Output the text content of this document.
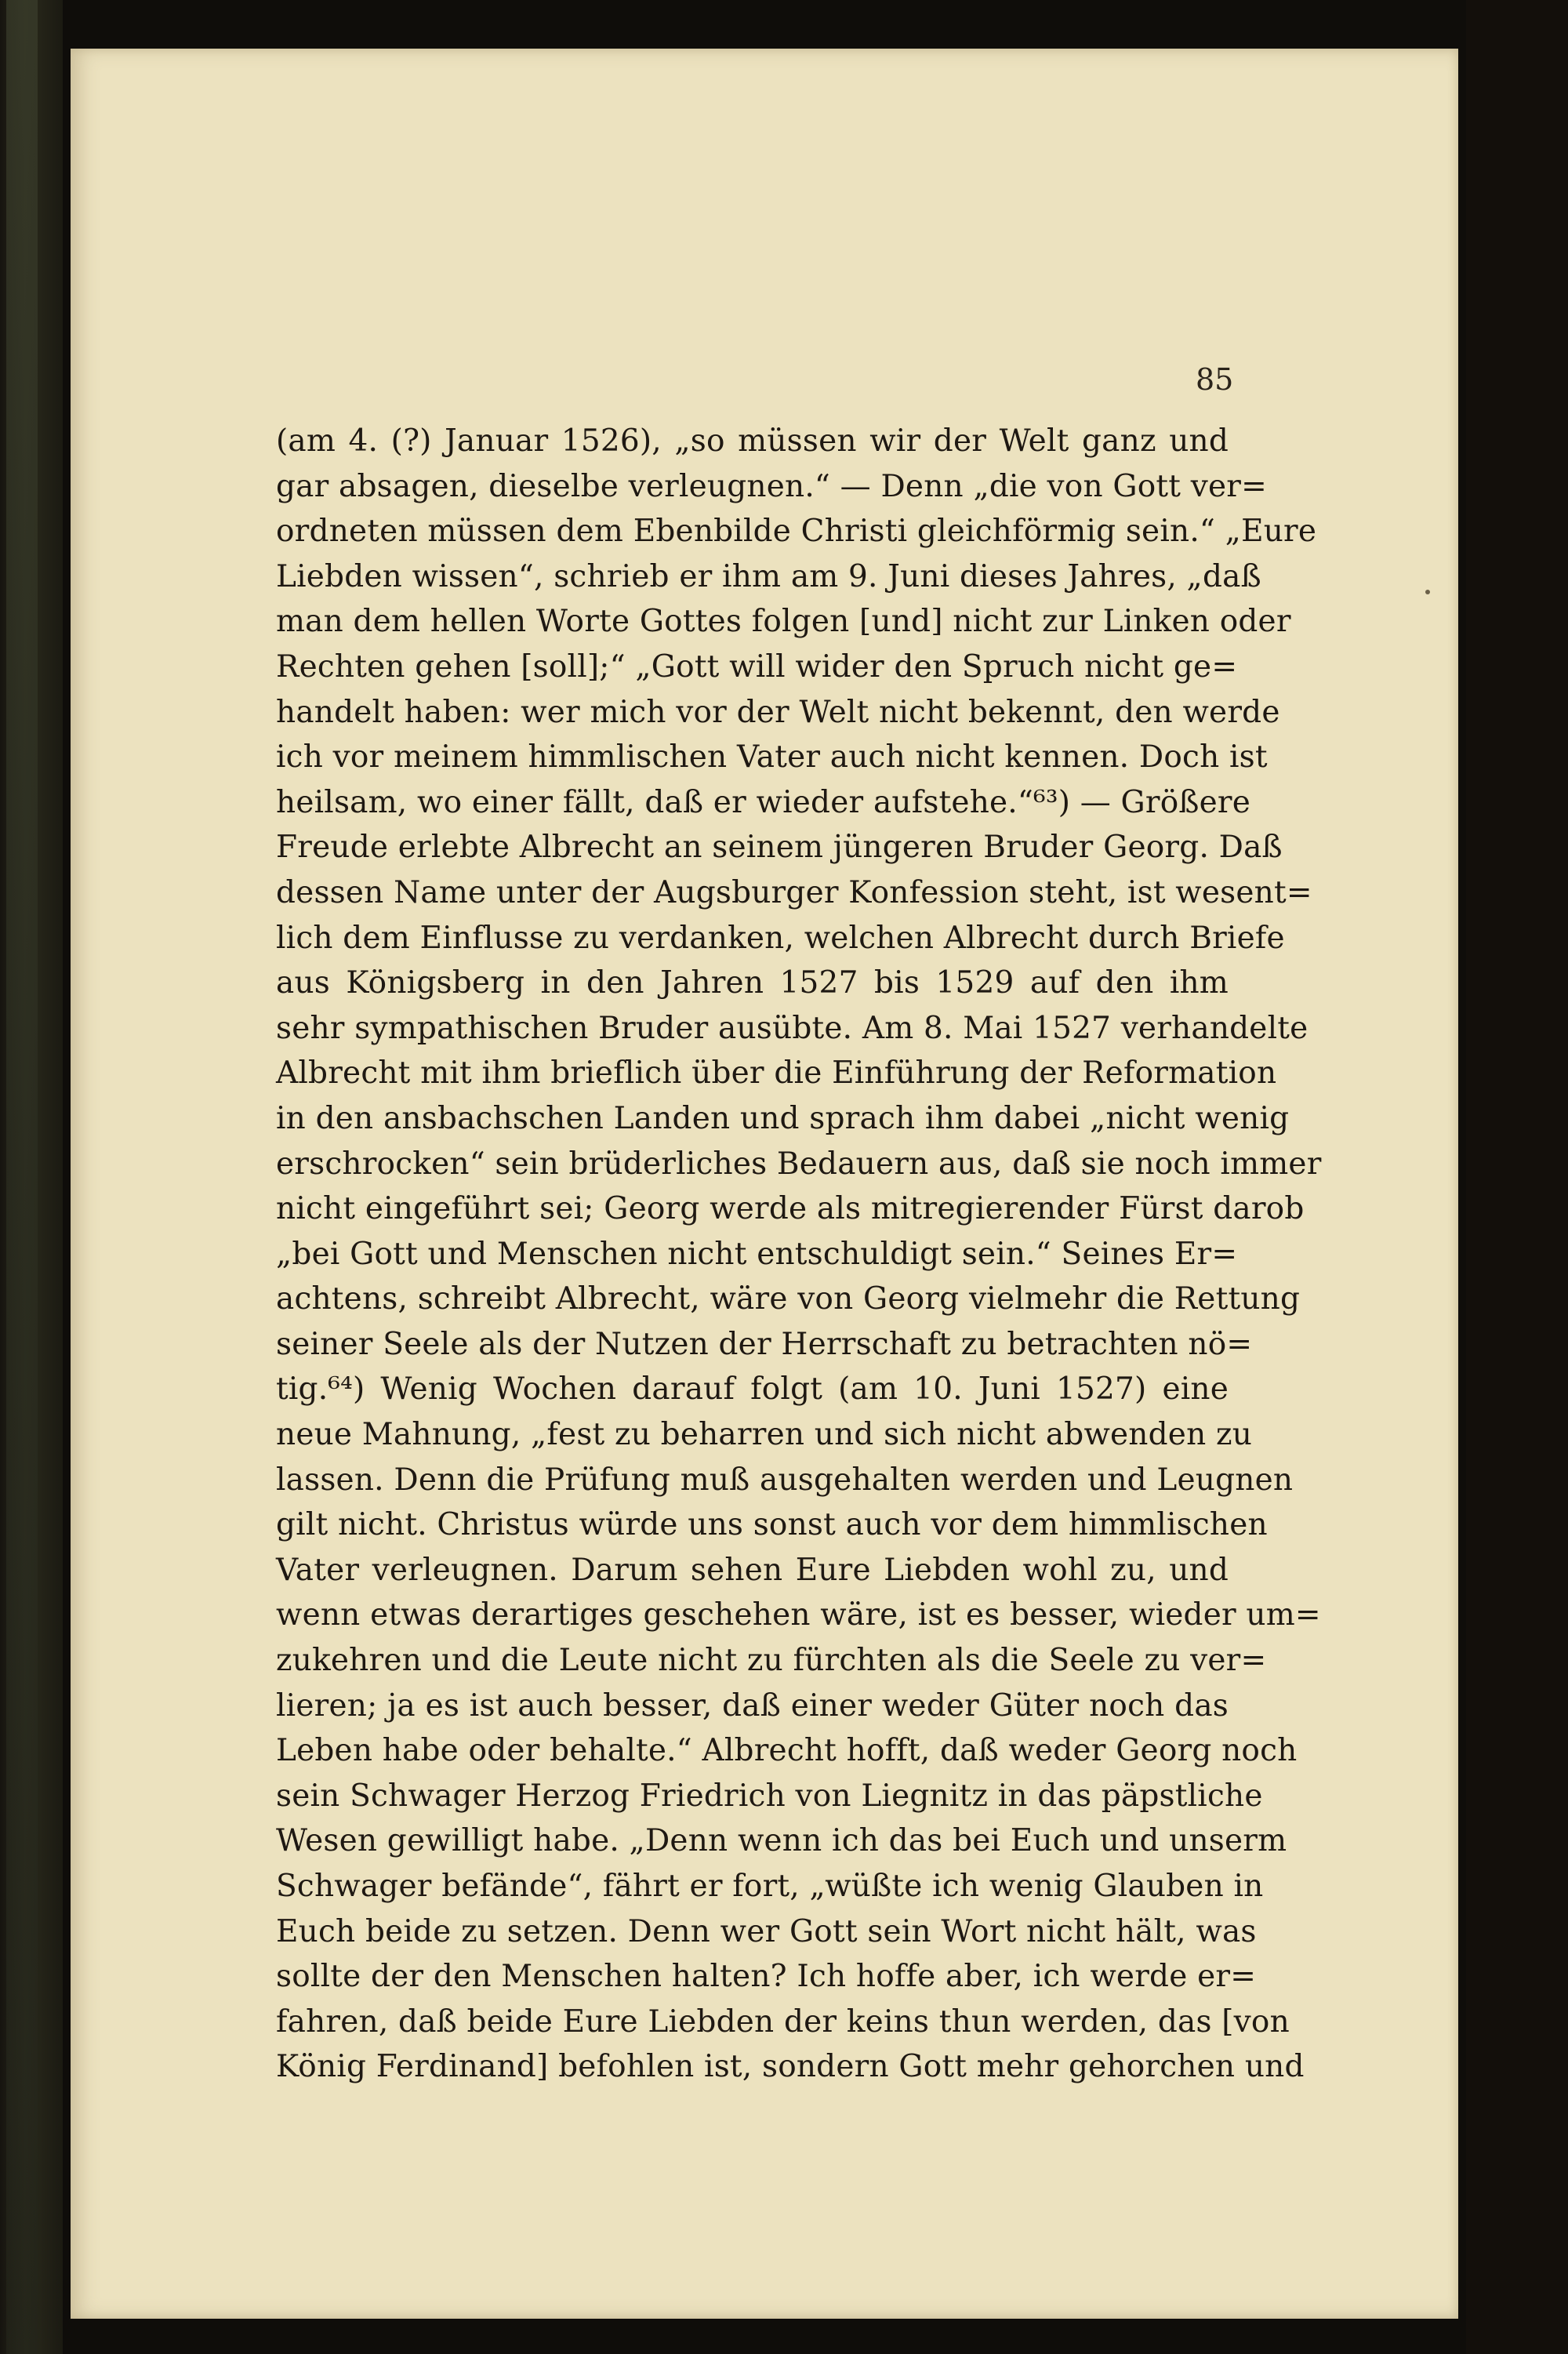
85
(am 4. (?) Januar 1526), „so müssen wir der Welt ganz und
gar absagen, dieselbe verleugnen.“ — Denn „die von Gott ver=
ordneten müssen dem Ebenbilde Christi gleichförmig sein.“ „Eure
Liebden wissen“, schrieb er ihm am 9. Juni dieses Jahres, „daß
man dem hellen Worte Gottes folgen [und] nicht zur Linken oder
Rechten gehen [soll];“ „Gott will wider den Spruch nicht ge=
handelt haben: wer mich vor der Welt nicht bekennt, den werde
ich vor meinem himmlischen Vater auch nicht kennen. Doch ist
heilsam, wo einer fällt, daß er wieder aufstehe.“⁶³) — Größere
Freude erlebte Albrecht an seinem jüngeren Bruder Georg. Daß
dessen Name unter der Augsburger Konfession steht, ist wesent=
lich dem Einflusse zu verdanken, welchen Albrecht durch Briefe
aus Königsberg in den Jahren 1527 bis 1529 auf den ihm
sehr sympathischen Bruder ausübte. Am 8. Mai 1527 verhandelte
Albrecht mit ihm brieflich über die Einführung der Reformation
in den ansbachschen Landen und sprach ihm dabei „nicht wenig
erschrocken“ sein brüderliches Bedauern aus, daß sie noch immer
nicht eingeführt sei; Georg werde als mitregierender Fürst darob
„bei Gott und Menschen nicht entschuldigt sein.“ Seines Er=
achtens, schreibt Albrecht, wäre von Georg vielmehr die Rettung
seiner Seele als der Nutzen der Herrschaft zu betrachten nö=
tig.⁶⁴) Wenig Wochen darauf folgt (am 10. Juni 1527) eine
neue Mahnung, „fest zu beharren und sich nicht abwenden zu
lassen. Denn die Prüfung muß ausgehalten werden und Leugnen
gilt nicht. Christus würde uns sonst auch vor dem himmlischen
Vater verleugnen. Darum sehen Eure Liebden wohl zu, und
wenn etwas derartiges geschehen wäre, ist es besser, wieder um=
zukehren und die Leute nicht zu fürchten als die Seele zu ver=
lieren; ja es ist auch besser, daß einer weder Güter noch das
Leben habe oder behalte.“ Albrecht hofft, daß weder Georg noch
sein Schwager Herzog Friedrich von Liegnitz in das päpstliche
Wesen gewilligt habe. „Denn wenn ich das bei Euch und unserm
Schwager befände“, fährt er fort, „wüßte ich wenig Glauben in
Euch beide zu setzen. Denn wer Gott sein Wort nicht hält, was
sollte der den Menschen halten? Ich hoffe aber, ich werde er=
fahren, daß beide Eure Liebden der keins thun werden, das [von
König Ferdinand] befohlen ist, sondern Gott mehr gehorchen und
